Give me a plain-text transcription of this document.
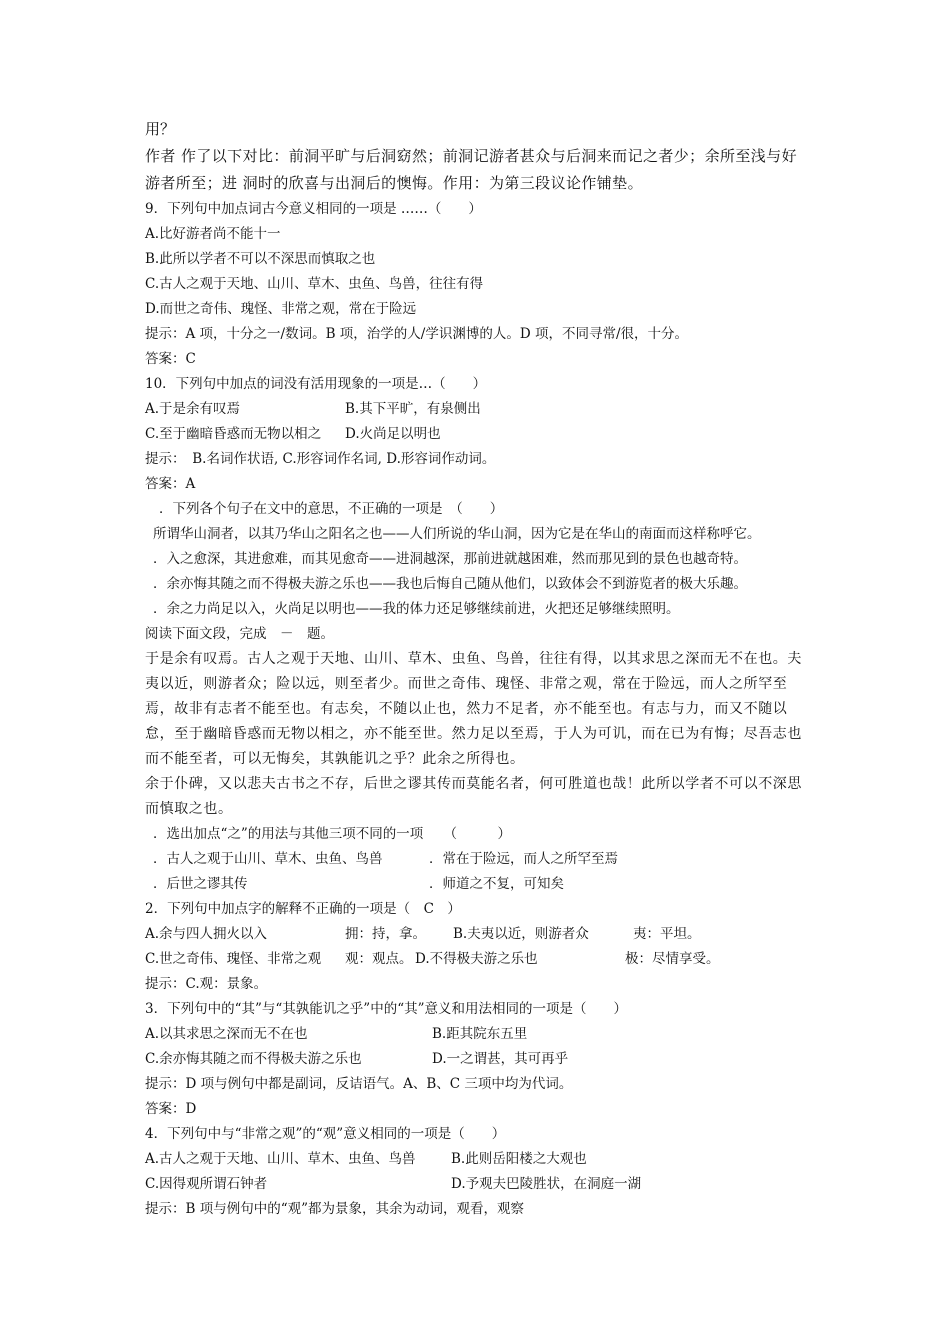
用？
作者 作了以下对比：前洞平旷与后洞窈然；前洞记游者甚众与后洞来而记之者少；余所至浅与好游者所至；进 洞时的欣喜与出洞后的懊悔。作用：为第三段议论作铺垫。
9．下列句中加点词古今意义相同的一项是 ……（　　）
A.比好游者尚不能十一
B.此所以学者不可以不深思而慎取之也
C.古人之观于天地、山川、草木、虫鱼、鸟兽，往往有得
D.而世之奇伟、瑰怪、非常之观，常在于险远
提示：A 项，十分之一/数词。B 项，治学的人/学识渊博的人。D 项，不同寻常/很，十分。
答案：C
10．下列句中加点的词没有活用现象的一项是…（　　）
A.于是余有叹焉	B.其下平旷，有泉侧出
C.至于幽暗昏惑而无物以相之 D.火尚足以明也
提示：　B.名词作状语, C.形容词作名词, D.形容词作动词。
答案：A
．下列各个句子在文中的意思，不正确的一项是　（　　）
所谓华山洞者，以其乃华山之阳名之也——人们所说的华山洞，因为它是在华山的南面而这样称呼它。
．入之愈深，其进愈难，而其见愈奇——进洞越深，那前进就越困难，然而那见到的景色也越奇特。
．余亦悔其随之而不得极夫游之乐也——我也后悔自己随从他们，以致体会不到游览者的极大乐趣。
．余之力尚足以入，火尚足以明也——我的体力还足够继续前进，火把还足够继续照明。
阅读下面文段，完成　－　题。
于是余有叹焉。古人之观于天地、山川、草木、虫鱼、鸟兽，往往有得，以其求思之深而无不在也。夫夷以近，则游者众；险以远，则至者少。而世之奇伟、瑰怪、非常之观，常在于险远，而人之所罕至焉，故非有志者不能至也。有志矣，不随以止也，然力不足者，亦不能至也。有志与力，而又不随以怠，至于幽暗昏惑而无物以相之，亦不能至世。然力足以至焉，于人为可讥，而在已为有悔；尽吾志也而不能至者，可以无悔矣，其孰能讥之乎？此余之所得也。
余于仆碑，又以悲夫古书之不存，后世之谬其传而莫能名者，何可胜道也哉！此所以学者不可以不深思而慎取之也。
．选出加点“之”的用法与其他三项不同的一项　　（　　　）
．古人之观于山川、草木、虫鱼、鸟兽	．常在于险远，而人之所罕至焉
．后世之谬其传	．师道之不复，可知矣
2．下列句中加点字的解释不正确的一项是（　C　）
A.余与四人拥火以入	拥：持，拿。 B.夫夷以近，则游者众	夷：平坦。
C.世之奇伟、瑰怪、非常之观 观：观点。 D.不得极夫游之乐也	极：尽情享受。
提示：C.观：景象。
3．下列句中的“其”与“其孰能讥之乎”中的“其”意义和用法相同的一项是（　　）
A.以其求思之深而无不在也	B.距其院东五里
C.余亦悔其随之而不得极夫游之乐也	D.一之谓甚，其可再乎
提示：D 项与例句中都是副词，反诘语气。A、B、C 三项中均为代词。
答案：D
4．下列句中与“非常之观”的“观”意义相同的一项是（　　）
A.古人之观于天地、山川、草木、虫鱼、鸟兽	B.此则岳阳楼之大观也
C.因得观所谓石钟者	D.予观夫巴陵胜状，在洞庭一湖
提示：B 项与例句中的“观”都为景象，其余为动词，观看，观察
